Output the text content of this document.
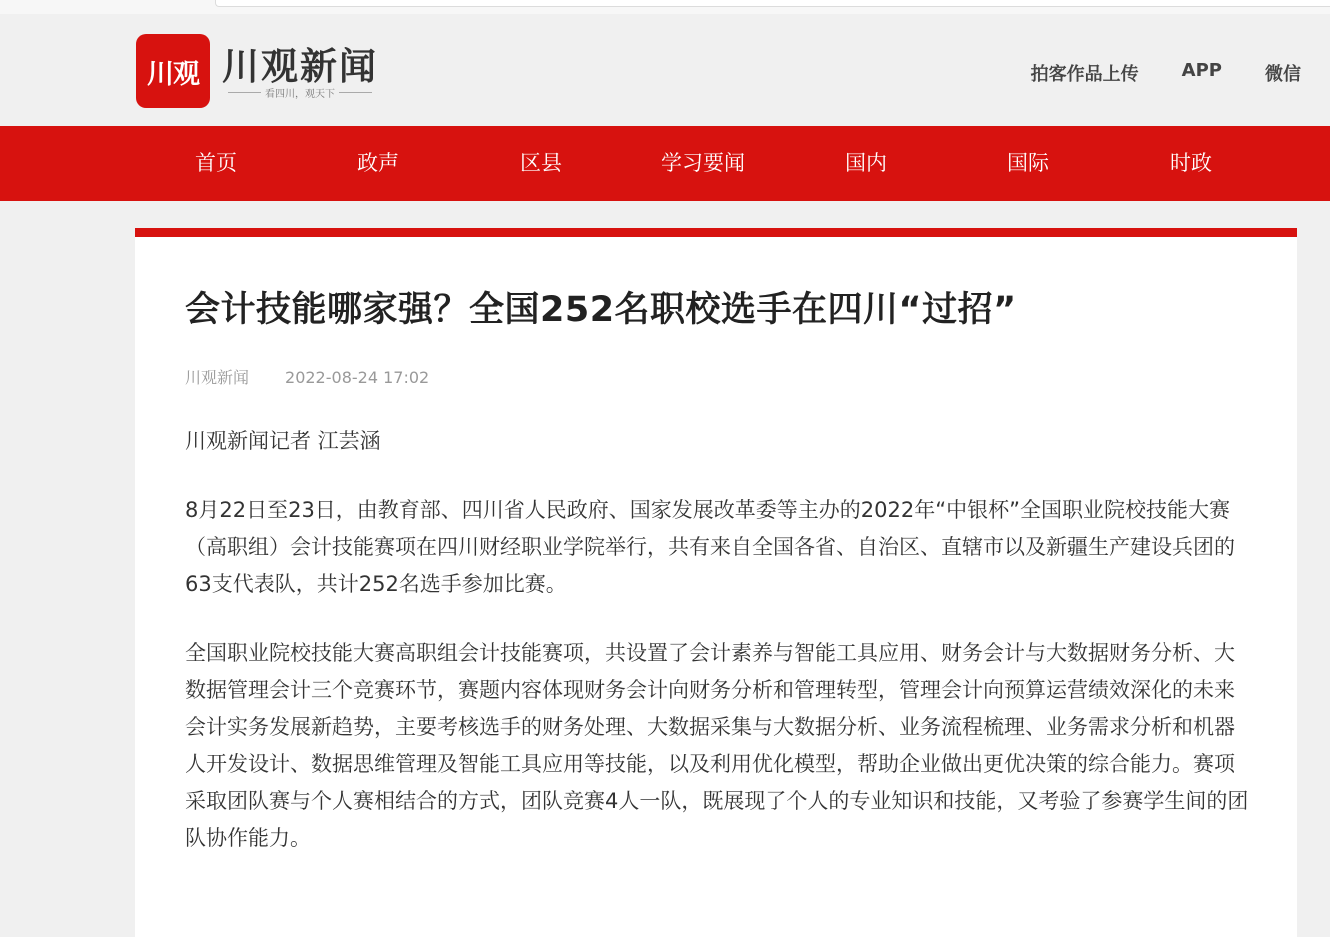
川观 川观新闻
看四川，观天下
拍客作品上传 APP 微信
首页	政声	区县	学习要闻	国内	国际	时政
会计技能哪家强？全国252名职校选手在四川“过招”
川观新闻 2022-08-24 17:02

川观新闻记者 江芸涵

8月22日至23日，由教育部、四川省人民政府、国家发展改革委等主办的2022年“中银杯”全国职业院校技能大赛（高职组）会计技能赛项在四川财经职业学院举行，共有来自全国各省、自治区、直辖市以及新疆生产建设兵团的63支代表队，共计252名选手参加比赛。

全国职业院校技能大赛高职组会计技能赛项，共设置了会计素养与智能工具应用、财务会计与大数据财务分析、大数据管理会计三个竞赛环节，赛题内容体现财务会计向财务分析和管理转型，管理会计向预算运营绩效深化的未来会计实务发展新趋势，主要考核选手的财务处理、大数据采集与大数据分析、业务流程梳理、业务需求分析和机器人开发设计、数据思维管理及智能工具应用等技能，以及利用优化模型，帮助企业做出更优决策的综合能力。赛项采取团队赛与个人赛相结合的方式，团队竞赛4人一队，既展现了个人的专业知识和技能，又考验了参赛学生间的团队协作能力。
